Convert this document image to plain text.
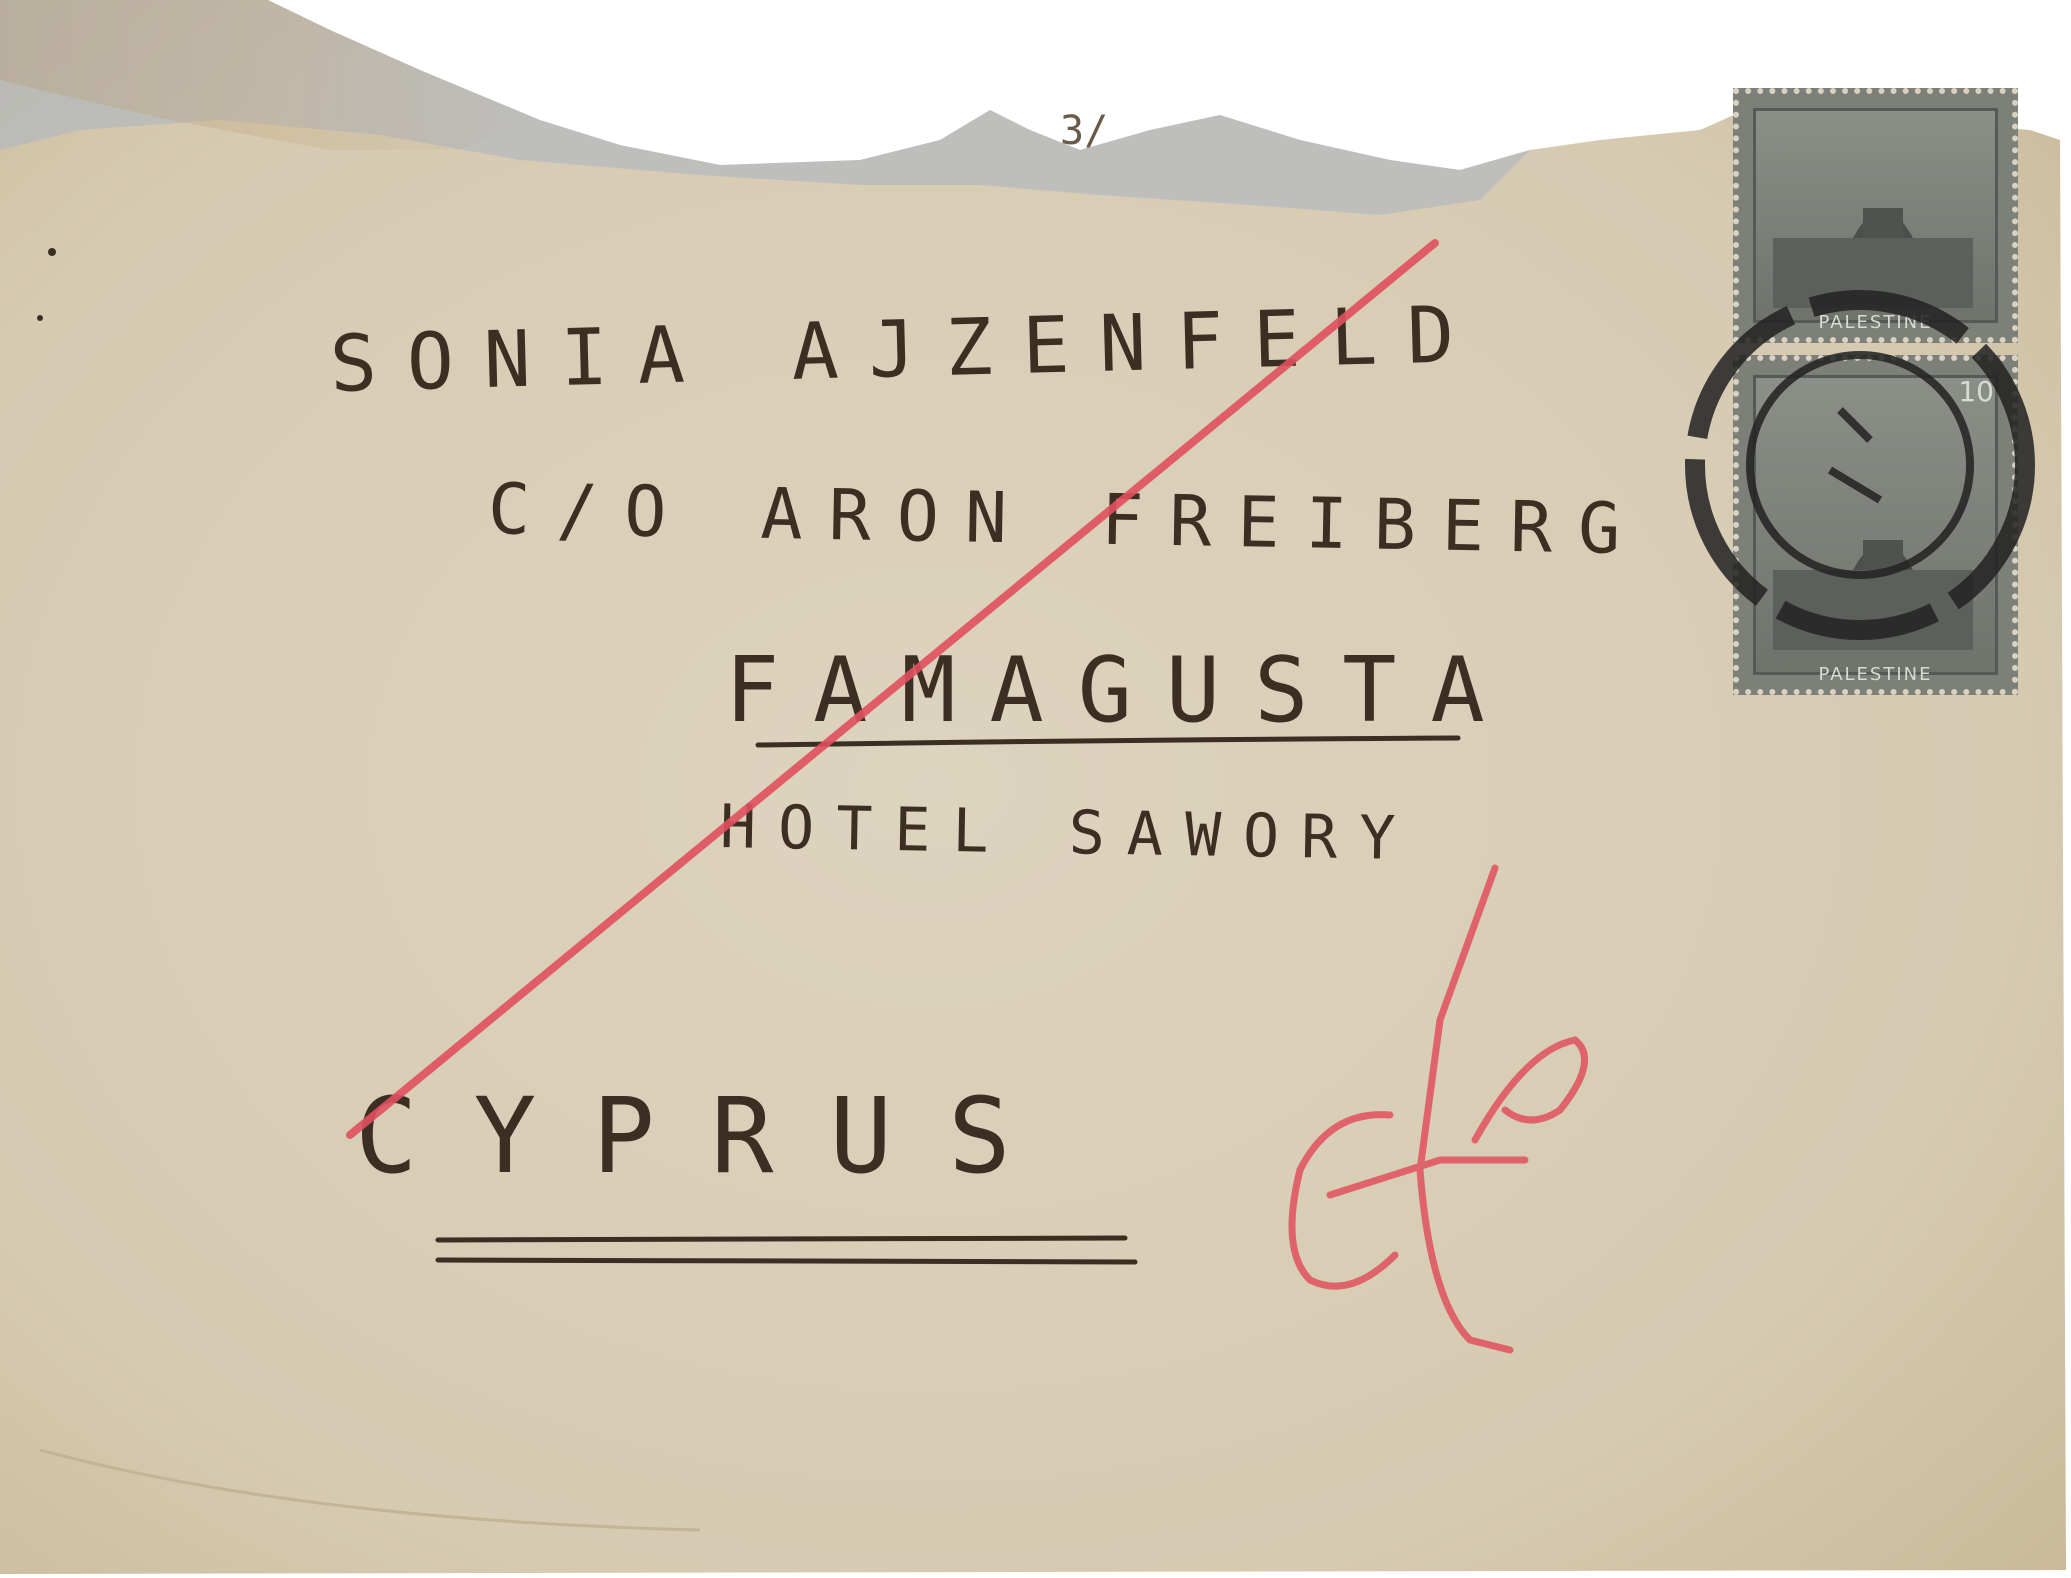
3/
SONIA AJZENFELD
C/O ARON FREIBERG
FAMAGUSTA
HOTEL SAWORY
CYPRUS
PALESTINE
10
PALESTINE
